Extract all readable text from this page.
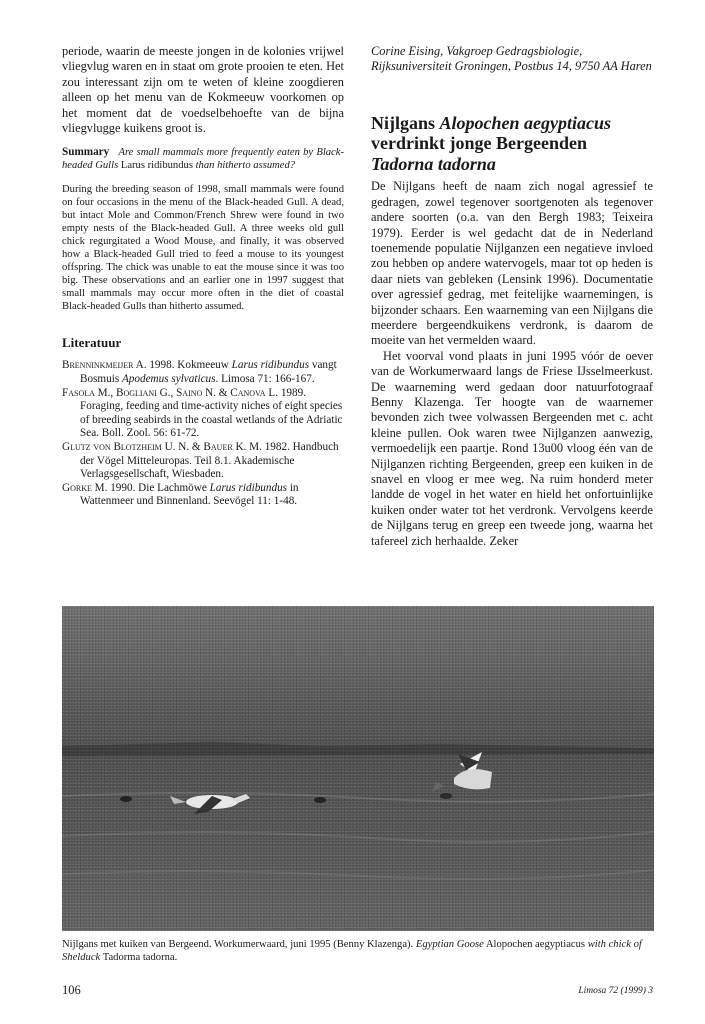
periode, waarin de meeste jongen in de kolonies vrijwel vliegvlug waren en in staat om grote prooien te eten. Het zou interessant zijn om te weten of kleine zoogdieren alleen op het menu van de Kokmeeuw voorkomen op het moment dat de voedselbehoefte van de bijna vliegvlugge kuikens groot is.

Summary Are small mammals more frequently eaten by Black-headed Gulls Larus ridibundus than hitherto assumed?

During the breeding season of 1998, small mammals were found on four occasions in the menu of the Black-headed Gull. A dead, but intact Mole and Common/French Shrew were found in two empty nests of the Black-headed Gull. A three weeks old gull chick regurgitated a Wood Mouse, and finally, it was observed how a Black-headed Gull tried to feed a mouse to its youngest offspring. The chick was unable to eat the mouse since it was too big. These observations and an earlier one in 1997 suggest that small mammals may occur more often in the diet of coastal Black-headed Gulls than hitherto assumed.

Literatuur

Brenninkmeijer A. 1998. Kokmeeuw Larus ridibundus vangt Bosmuis Apodemus sylvaticus. Limosa 71: 166-167.

Fasola M., Bogliani G., Saino N. & Canova L. 1989. Foraging, feeding and time-activity niches of eight species of breeding seabirds in the coastal wetlands of the Adriatic Sea. Boll. Zool. 56: 61-72.

Glutz von Blotzheim U. N. & Bauer K. M. 1982. Handbuch der Vögel Mitteleuropas. Teil 8.1. Akademische Verlagsgesellschaft, Wiesbaden.

Gorke M. 1990. Die Lachmöwe Larus ridibundus in Wattenmeer und Binnenland. Seevögel 11: 1-48.

Corine Eising, Vakgroep Gedragsbiologie, Rijksuniversiteit Groningen, Postbus 14, 9750 AA Haren

Nijlgans Alopochen aegyptiacus verdrinkt jonge Bergeenden Tadorna tadorna

De Nijlgans heeft de naam zich nogal agressief te gedragen, zowel tegenover soortgenoten als tegenover andere soorten (o.a. van den Bergh 1983; Teixeira 1979). Eerder is wel gedacht dat de in Nederland toenemende populatie Nijlganzen een negatieve invloed zou hebben op andere watervogels, maar tot op heden is daar niets van gebleken (Lensink 1996). Documentatie over agressief gedrag, met feitelijke waarnemingen, is bijzonder schaars. Een waarneming van een Nijlgans die meerdere bergeendkuikens verdronk, is daarom de moeite van het vermelden waard.

Het voorval vond plaats in juni 1995 vóór de oever van de Workumerwaard langs de Friese IJsselmeerkust. De waarneming werd gedaan door natuurfotograaf Benny Klazenga. Ter hoogte van de waarnemer bevonden zich twee volwassen Bergeenden met c. acht kleine pullen. Ook waren twee Nijlganzen aanwezig, vermoedelijk een paartje. Rond 13u00 vloog één van de Nijlganzen richting Bergeenden, greep een kuiken in de snavel en vloog er mee weg. Na ruim honderd meter landde de vogel in het water en hield het onfortuinlijke kuiken onder water tot het verdronk. Vervolgens keerde de Nijlgans terug en greep een tweede jong, waarna het tafereel zich herhaalde. Zeker

Nijlgans met kuiken van Bergeend. Workumerwaard, juni 1995 (Benny Klazenga). Egyptian Goose Alopochen aegyptiacus with chick of Shelduck Tadorma tadorna.
106	Limosa 72 (1999) 3
